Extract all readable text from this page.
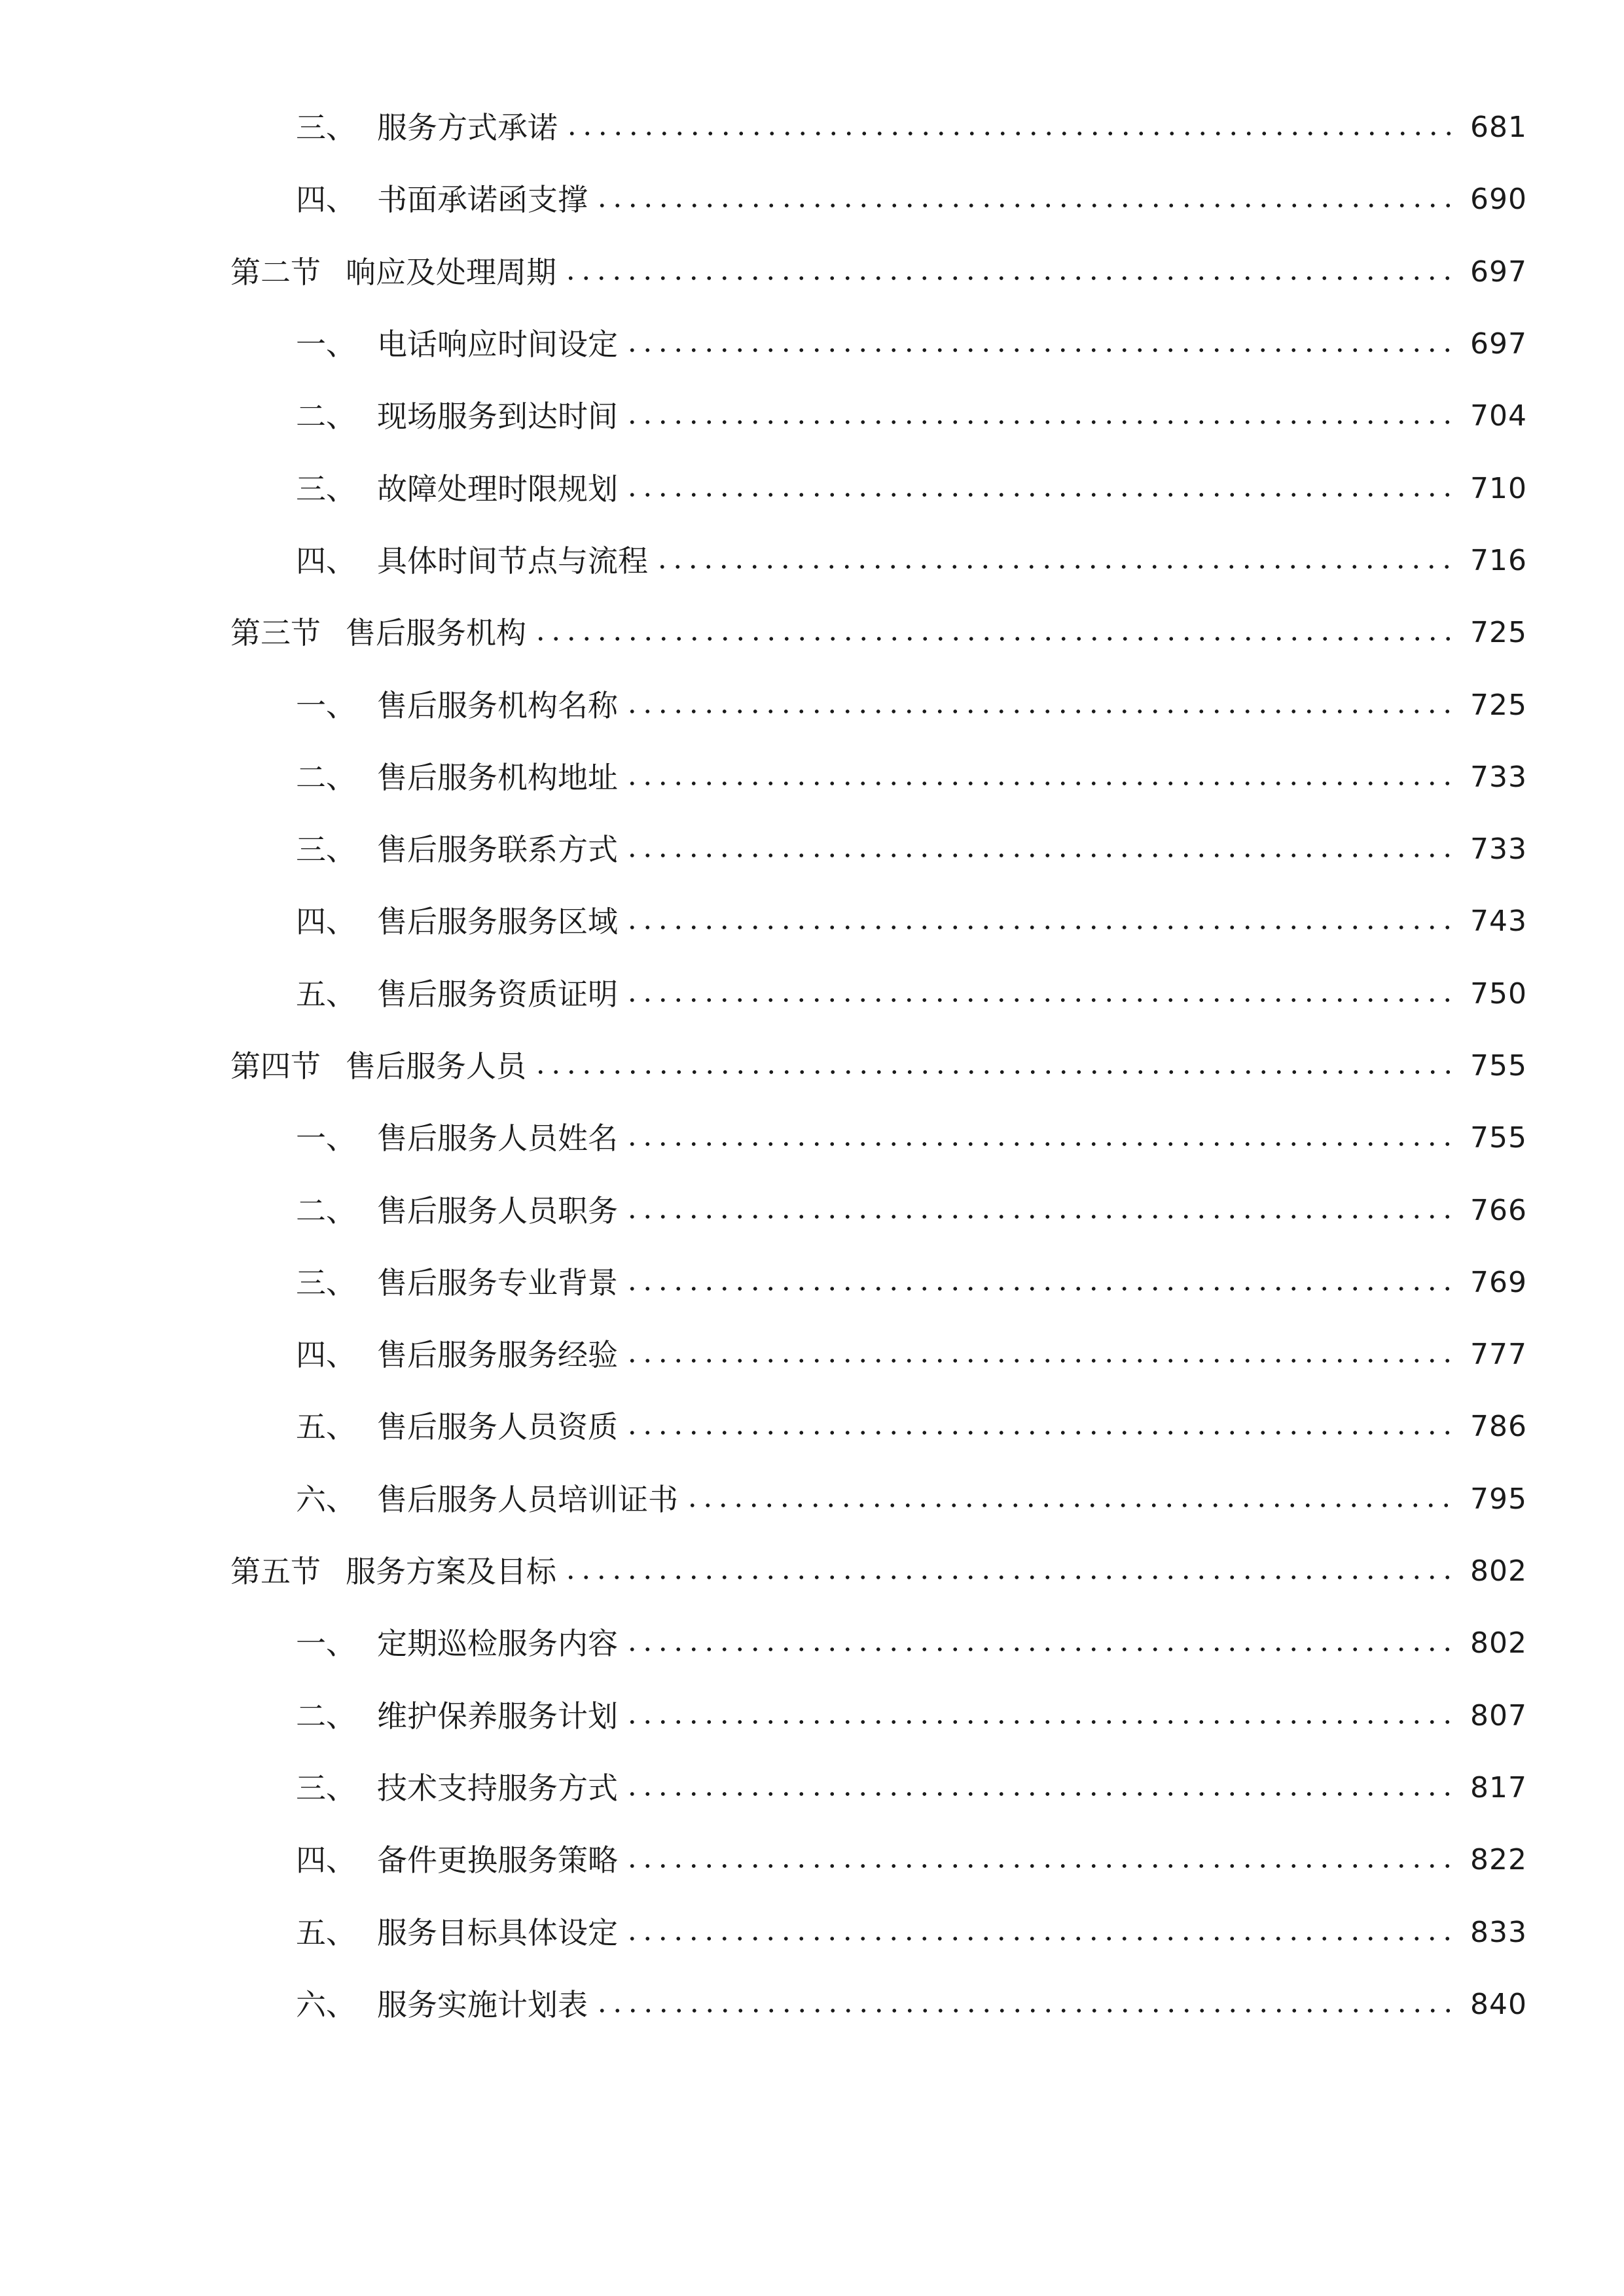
三、 服务方式承诺	681
四、 书面承诺函支撑	690
第二节 响应及处理周期	697
一、 电话响应时间设定	697
二、 现场服务到达时间	704
三、 故障处理时限规划	710
四、 具体时间节点与流程	716
第三节 售后服务机构	725
一、 售后服务机构名称	725
二、 售后服务机构地址	733
三、 售后服务联系方式	733
四、 售后服务服务区域	743
五、 售后服务资质证明	750
第四节 售后服务人员	755
一、 售后服务人员姓名	755
二、 售后服务人员职务	766
三、 售后服务专业背景	769
四、 售后服务服务经验	777
五、 售后服务人员资质	786
六、 售后服务人员培训证书	795
第五节 服务方案及目标	802
一、 定期巡检服务内容	802
二、 维护保养服务计划	807
三、 技术支持服务方式	817
四、 备件更换服务策略	822
五、 服务目标具体设定	833
六、 服务实施计划表	840
